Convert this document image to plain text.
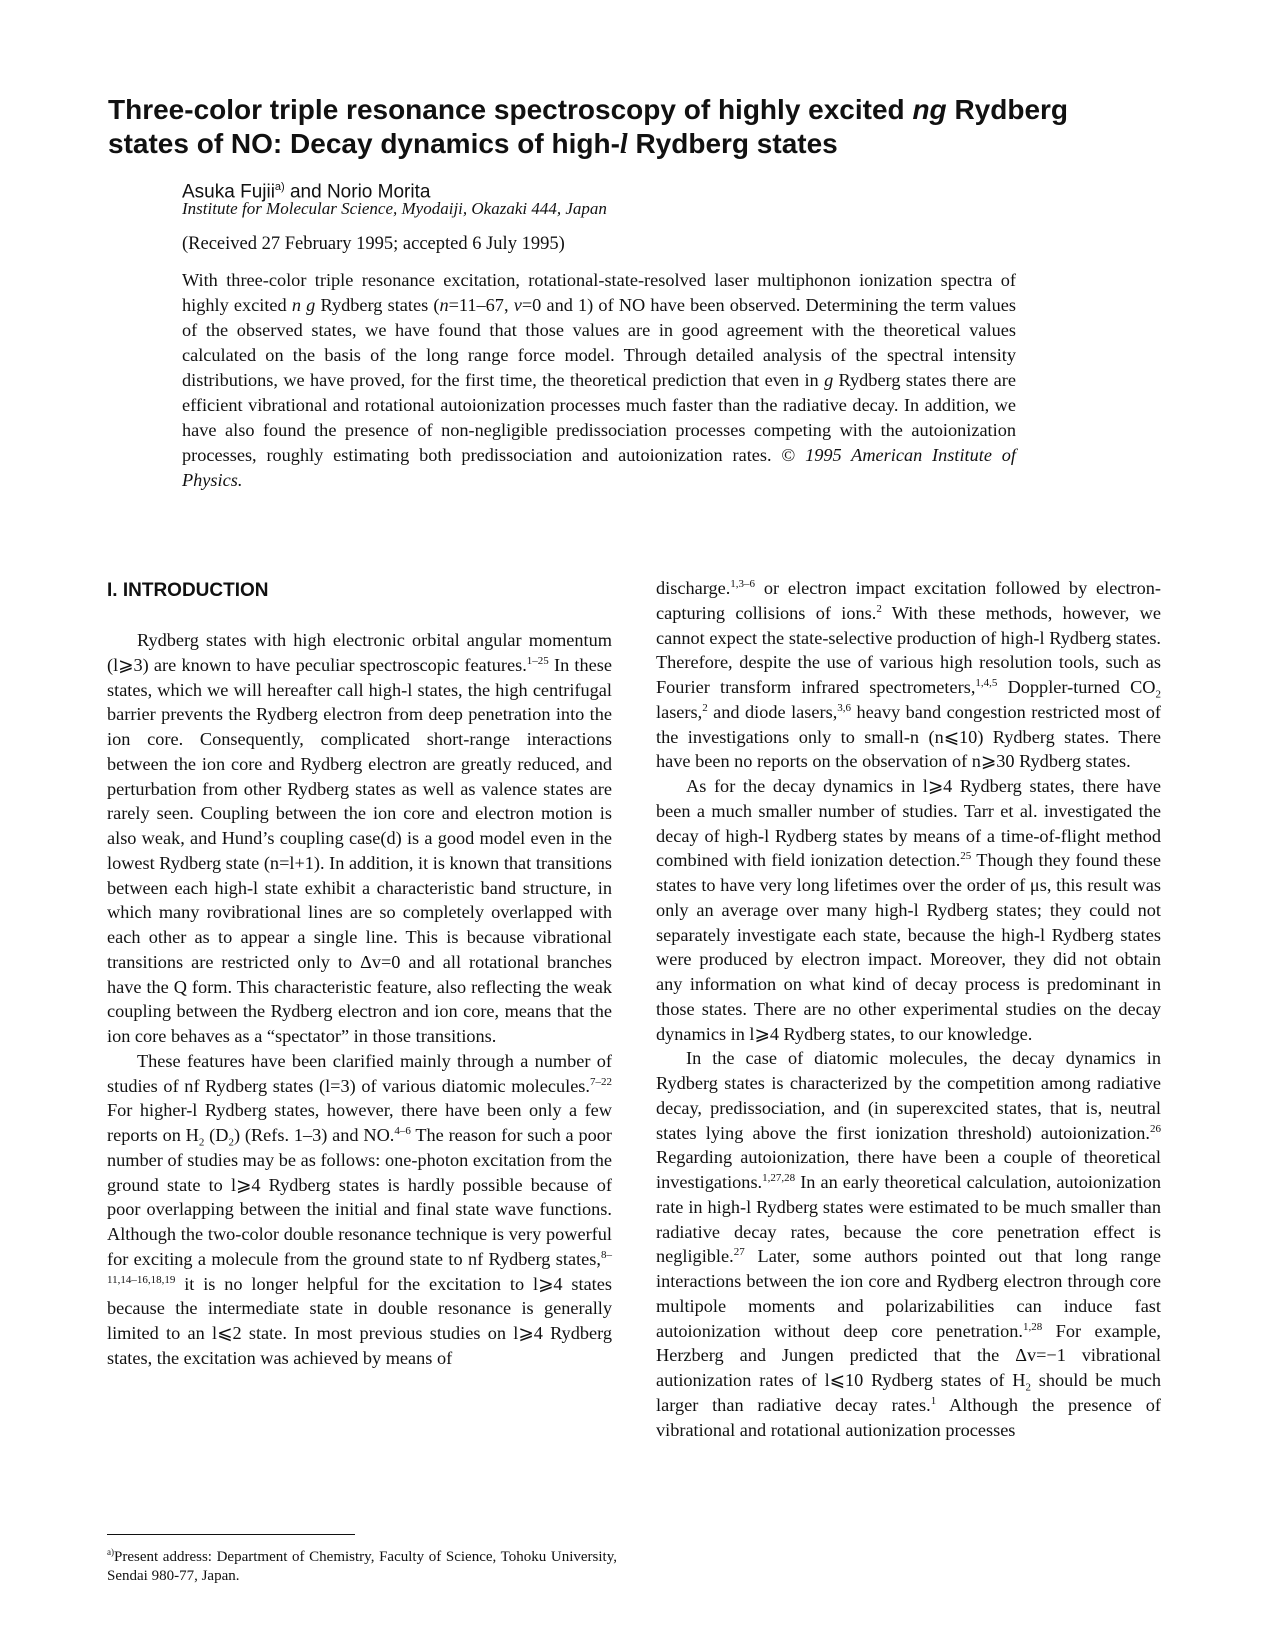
Three-color triple resonance spectroscopy of highly excited ng Rydberg states of NO: Decay dynamics of high-l Rydberg states
Asuka Fujii$^{a)}$ and Norio Morita
Institute for Molecular Science, Myodaiji, Okazaki 444, Japan
(Received 27 February 1995; accepted 6 July 1995)

With three-color triple resonance excitation, rotational-state-resolved laser multiphonon ionization spectra of highly excited n g Rydberg states (n=11–67, v=0 and 1) of NO have been observed. Determining the term values of the observed states, we have found that those values are in good agreement with the theoretical values calculated on the basis of the long range force model. Through detailed analysis of the spectral intensity distributions, we have proved, for the first time, the theoretical prediction that even in g Rydberg states there are efficient vibrational and rotational autoionization processes much faster than the radiative decay. In addition, we have also found the presence of non-negligible predissociation processes competing with the autoionization processes, roughly estimating both predissociation and autoionization rates. © 1995 American Institute of Physics.

I. INTRODUCTION

Rydberg states with high electronic orbital angular momentum (l⩾3) are known to have peculiar spectroscopic features.$^{1-25}$ In these states, which we will hereafter call high-l states, the high centrifugal barrier prevents the Rydberg electron from deep penetration into the ion core. Consequently, complicated short-range interactions between the ion core and Rydberg electron are greatly reduced, and perturbation from other Rydberg states as well as valence states are rarely seen. Coupling between the ion core and electron motion is also weak, and Hund’s coupling case(d) is a good model even in the lowest Rydberg state (n=l+1). In addition, it is known that transitions between each high-l state exhibit a characteristic band structure, in which many rovibrational lines are so completely overlapped with each other as to appear a single line. This is because vibrational transitions are restricted only to Δv=0 and all rotational branches have the Q form. This characteristic feature, also reflecting the weak coupling between the Rydberg electron and ion core, means that the ion core behaves as a “spectator” in those transitions.

These features have been clarified mainly through a number of studies of nf Rydberg states (l=3) of various diatomic molecules.$^{7-22}$ For higher-l Rydberg states, however, there have been only a few reports on $H_2$ $(D_2)$ (Refs. 1–3) and NO.$^{4-6}$ The reason for such a poor number of studies may be as follows: one-photon excitation from the ground state to l⩾4 Rydberg states is hardly possible because of poor overlapping between the initial and final state wave functions. Although the two-color double resonance technique is very powerful for exciting a molecule from the ground state to nf Rydberg states,$^{8-11,14-16,18,19}$ it is no longer helpful for the excitation to l⩾4 states because the intermediate state in double resonance is generally limited to an l⩽2 state. In most previous studies on l⩾4 Rydberg states, the excitation was achieved by means of

discharge.$^{1,3-6}$ or electron impact excitation followed by electron-capturing collisions of ions.$^2$ With these methods, however, we cannot expect the state-selective production of high-l Rydberg states. Therefore, despite the use of various high resolution tools, such as Fourier transform infrared spectrometers,$^{1,4,5}$ Doppler-turned $CO_2$ lasers,$^2$ and diode lasers,$^{3,6}$ heavy band congestion restricted most of the investigations only to small-n (n⩽10) Rydberg states. There have been no reports on the observation of n⩾30 Rydberg states.

As for the decay dynamics in l⩾4 Rydberg states, there have been a much smaller number of studies. Tarr et al. investigated the decay of high-l Rydberg states by means of a time-of-flight method combined with field ionization detection.$^{25}$ Though they found these states to have very long lifetimes over the order of μs, this result was only an average over many high-l Rydberg states; they could not separately investigate each state, because the high-l Rydberg states were produced by electron impact. Moreover, they did not obtain any information on what kind of decay process is predominant in those states. There are no other experimental studies on the decay dynamics in l⩾4 Rydberg states, to our knowledge.

In the case of diatomic molecules, the decay dynamics in Rydberg states is characterized by the competition among radiative decay, predissociation, and (in superexcited states, that is, neutral states lying above the first ionization threshold) autoionization.$^{26}$ Regarding autoionization, there have been a couple of theoretical investigations.$^{1,27,28}$ In an early theoretical calculation, autoionization rate in high-l Rydberg states were estimated to be much smaller than radiative decay rates, because the core penetration effect is negligible.$^{27}$ Later, some authors pointed out that long range interactions between the ion core and Rydberg electron through core multipole moments and polarizabilities can induce fast autoionization without deep core penetration.$^{1,28}$ For example, Herzberg and Jungen predicted that the Δv=−1 vibrational autionization rates of l⩽10 Rydberg states of $H_2$ should be much larger than radiative decay rates.$^1$ Although the presence of vibrational and rotational autionization processes

$^{a)}$Present address: Department of Chemistry, Faculty of Science, Tohoku University, Sendai 980-77, Japan.
